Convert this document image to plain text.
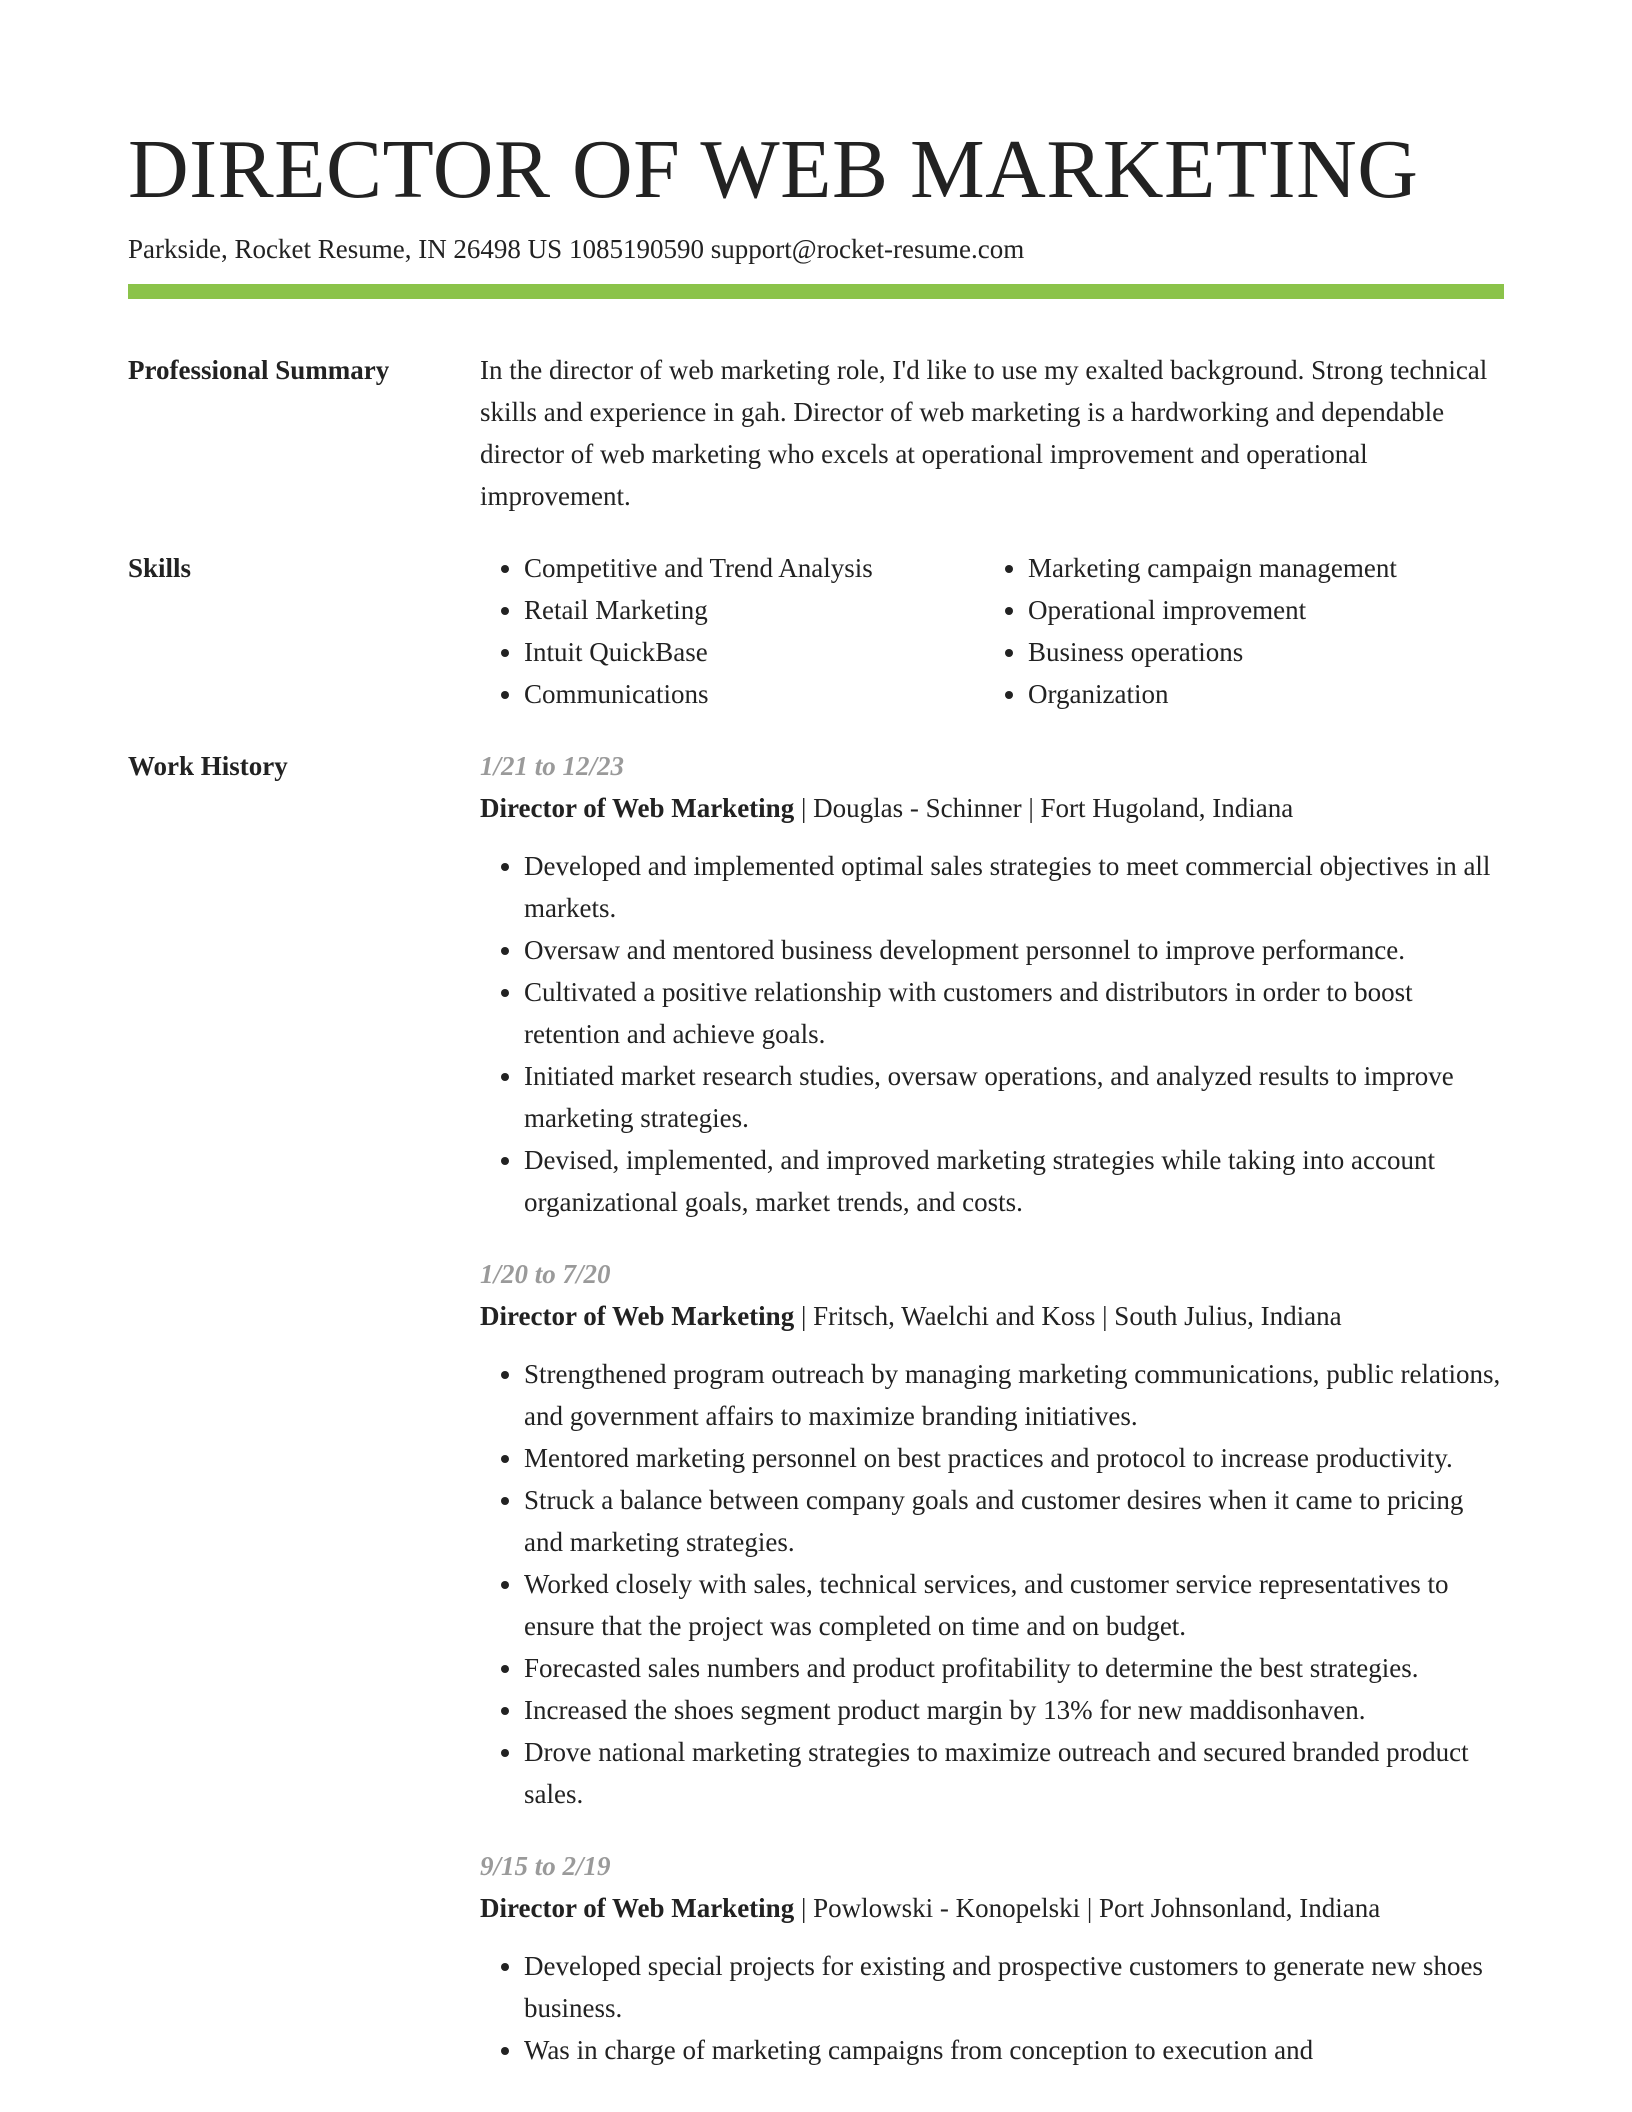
DIRECTOR OF WEB MARKETING
Parkside, Rocket Resume, IN 26498 US 1085190590 support@rocket-resume.com
Professional Summary	In the director of web marketing role, I'd like to use my exalted background. Strong technical skills and experience in gah. Director of web marketing is a hardworking and dependable director of web marketing who excels at operational improvement and operational improvement.
Skills
•	Competitive and Trend Analysis
• Retail Marketing
• Intuit QuickBase
• Communications
• Marketing campaign management
• Operational improvement
• Business operations
• Organization
Work History	1/21 to 12/23
Director of Web Marketing | Douglas - Schinner | Fort Hugoland, Indiana
• Developed and implemented optimal sales strategies to meet commercial objectives in all markets.
• Oversaw and mentored business development personnel to improve performance.
• Cultivated a positive relationship with customers and distributors in order to boost retention and achieve goals.
• Initiated market research studies, oversaw operations, and analyzed results to improve marketing strategies.
• Devised, implemented, and improved marketing strategies while taking into account organizational goals, market trends, and costs.
1/20 to 7/20
Director of Web Marketing | Fritsch, Waelchi and Koss | South Julius, Indiana
• Strengthened program outreach by managing marketing communications, public relations, and government affairs to maximize branding initiatives.
• Mentored marketing personnel on best practices and protocol to increase productivity.
• Struck a balance between company goals and customer desires when it came to pricing and marketing strategies.
• Worked closely with sales, technical services, and customer service representatives to ensure that the project was completed on time and on budget.
• Forecasted sales numbers and product profitability to determine the best strategies.
• Increased the shoes segment product margin by 13% for new maddisonhaven.
• Drove national marketing strategies to maximize outreach and secured branded product sales.
9/15 to 2/19
Director of Web Marketing | Powlowski - Konopelski | Port Johnsonland, Indiana
• Developed special projects for existing and prospective customers to generate new shoes business.
• Was in charge of marketing campaigns from conception to execution and
